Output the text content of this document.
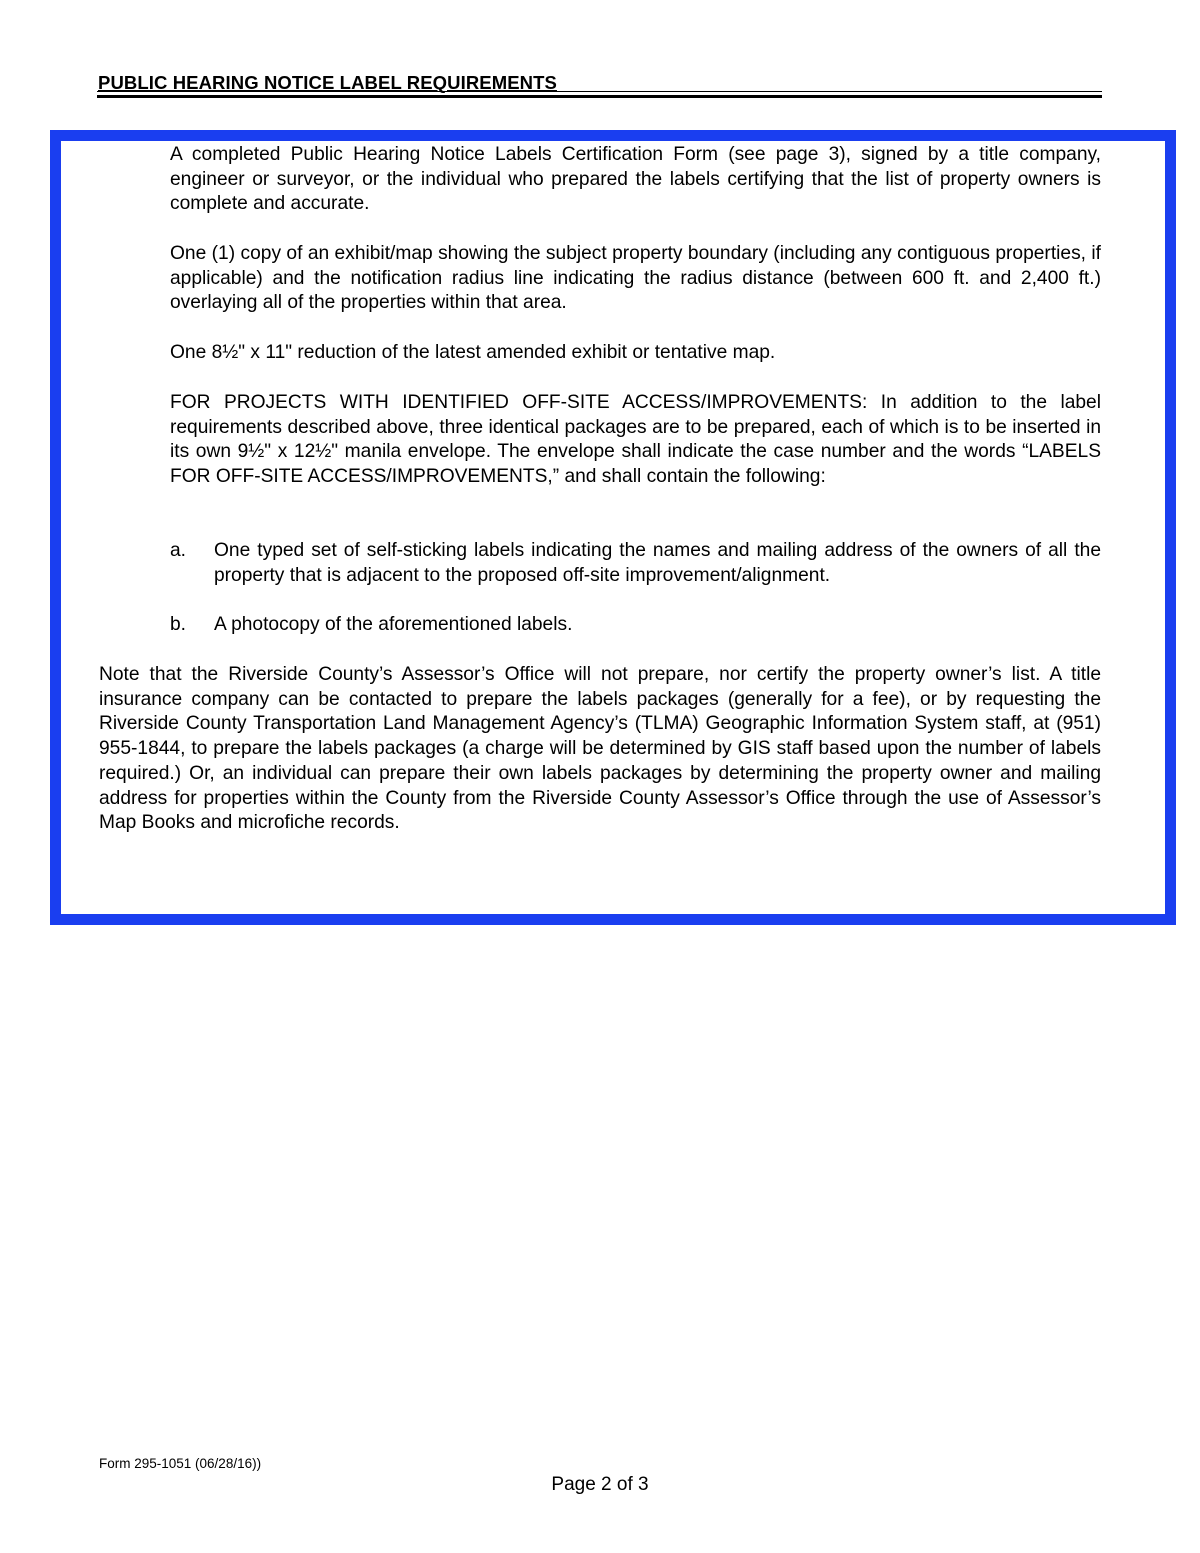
PUBLIC HEARING NOTICE LABEL REQUIREMENTS

A completed Public Hearing Notice Labels Certification Form (see page 3), signed by a title company, engineer or surveyor, or the individual who prepared the labels certifying that the list of property owners is complete and accurate.

One (1) copy of an exhibit/map showing the subject property boundary (including any contiguous properties, if applicable) and the notification radius line indicating the radius distance (between 600 ft. and 2,400 ft.) overlaying all of the properties within that area.

One 8½" x 11" reduction of the latest amended exhibit or tentative map.

FOR PROJECTS WITH IDENTIFIED OFF-SITE ACCESS/IMPROVEMENTS: In addition to the label requirements described above, three identical packages are to be prepared, each of which is to be inserted in its own 9½" x 12½" manila envelope. The envelope shall indicate the case number and the words “LABELS FOR OFF-SITE ACCESS/IMPROVEMENTS,” and shall contain the following:

a. One typed set of self-sticking labels indicating the names and mailing address of the owners of all the property that is adjacent to the proposed off-site improvement/alignment.
b. A photocopy of the aforementioned labels.

Note that the Riverside County’s Assessor’s Office will not prepare, nor certify the property owner’s list. A title insurance company can be contacted to prepare the labels packages (generally for a fee), or by requesting the Riverside County Transportation Land Management Agency’s (TLMA) Geographic Information System staff, at (951) 955-1844, to prepare the labels packages (a charge will be determined by GIS staff based upon the number of labels required.) Or, an individual can prepare their own labels packages by determining the property owner and mailing address for properties within the County from the Riverside County Assessor’s Office through the use of Assessor’s Map Books and microfiche records.

Form 295-1051 (06/28/16))
Page 2 of 3
